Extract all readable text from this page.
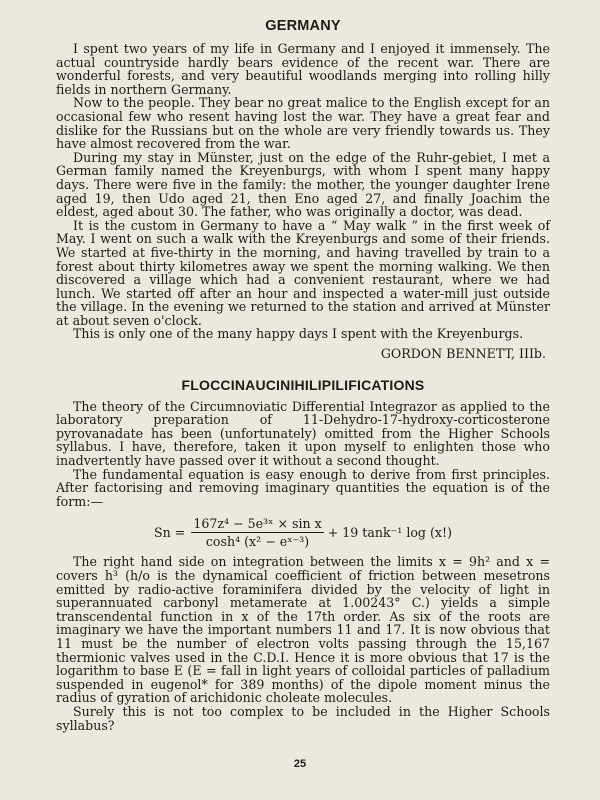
GERMANY

I spent two years of my life in Germany and I enjoyed it immensely. The actual countryside hardly bears evidence of the recent war. There are wonderful forests, and very beautiful woodlands merging into rolling hilly fields in northern Germany.

Now to the people. They bear no great malice to the English except for an occasional few who resent having lost the war. They have a great fear and dislike for the Russians but on the whole are very friendly towards us. They have almost recovered from the war.

During my stay in Münster, just on the edge of the Ruhr-gebiet, I met a German family named the Kreyenburgs, with whom I spent many happy days. There were five in the family: the mother, the younger daughter Irene aged 19, then Udo aged 21, then Eno aged 27, and finally Joachim the eldest, aged about 30. The father, who was originally a doctor, was dead.

It is the custom in Germany to have a “ May walk ” in the first week of May. I went on such a walk with the Kreyenburgs and some of their friends. We started at five-thirty in the morning, and having travelled by train to a forest about thirty kilometres away we spent the morning walking. We then discovered a village which had a convenient restaurant, where we had lunch. We started off after an hour and inspected a water-mill just outside the village. In the evening we returned to the station and arrived at Münster at about seven o'clock.

This is only one of the many happy days I spent with the Kreyenburgs.

GORDON BENNETT, IIIb.

FLOCCINAUCINIHILIPILIFICATIONS

The theory of the Circumnoviatic Differential Integrazor as applied to the laboratory preparation of 11-Dehydro-17-hydroxy-corticosterone pyrovanadate has been (unfortunately) omitted from the Higher Schools syllabus. I have, therefore, taken it upon myself to enlighten those who inadvertently have passed over it without a second thought.

The fundamental equation is easy enough to derive from first principles. After factorising and removing imaginary quantities the equation is of the form:—

$Sn = \frac{\text{167z⁴ − 5e³ˣ × sin x}}{\text{cosh⁴ (x² − eˣ⁻³)}} + 19$ tank⁻¹ log (x!)

The right hand side on integration between the limits x = 9h² and x = covers h³ (h/o is the dynamical coefficient of friction between mesetrons emitted by radio-active foraminifera divided by the velocity of light in superannuated carbonyl metamerate at 1.00243° C.) yields a simple transcendental function in x of the 17th order. As six of the roots are imaginary we have the important numbers 11 and 17. It is now obvious that 11 must be the number of electron volts passing through the 15,167 thermionic valves used in the C.D.I. Hence it is more obvious that 17 is the logarithm to base E (E = fall in light years of colloidal particles of palladium suspended in eugenol* for 389 months) of the dipole moment minus the radius of gyration of arichidonic choleate molecules.

Surely this is not too complex to be included in the Higher Schools syllabus?

25
